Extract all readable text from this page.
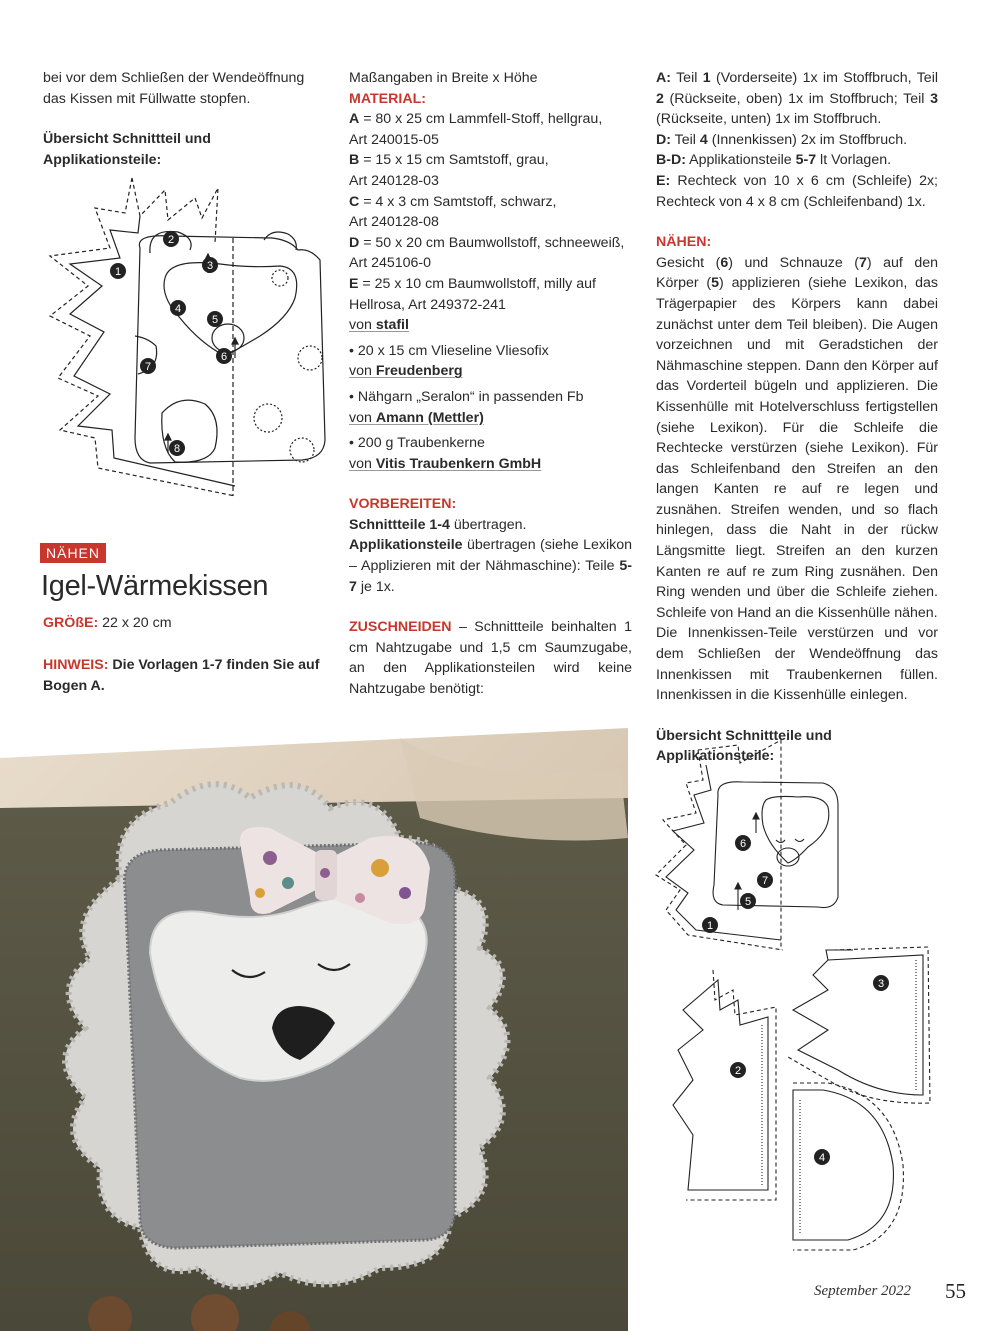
bei vor dem Schließen der Wendeöffnung das Kissen mit Füllwatte stopfen.

Übersicht Schnittteil und Applikationsteile:

1
2
3
4
5
6
7
8
NÄHEN
Igel-Wärmekissen
GRÖßE: 22 x 20 cm
HINWEIS: Die Vorlagen 1-7 finden Sie auf Bogen A.

Maßangaben in Breite x Höhe

MATERIAL:

A = 80 x 25 cm Lammfell-Stoff, hellgrau,
Art 240015-05

B = 15 x 15 cm Samtstoff, grau,
Art 240128-03

C = 4 x 3 cm Samtstoff, schwarz,
Art 240128-08

D = 50 x 20 cm Baumwollstoff, schneeweiß,
Art 245106-0

E = 25 x 10 cm Baumwollstoff, milly auf
Hellrosa, Art 249372-241

von stafil

• 20 x 15 cm Vlieseline Vliesofix

von Freudenberg

• Nähgarn „Seralon“ in passenden Fb

von Amann (Mettler)

• 200 g Traubenkerne

von Vitis Traubenkern GmbH

VORBEREITEN:

Schnittteile 1-4 übertragen.

Applikationsteile übertragen (siehe Lexikon – Applizieren mit der Nähmaschine): Teile 5-7 je 1x.

ZUSCHNEIDEN – Schnittteile beinhalten 1 cm Nahtzugabe und 1,5 cm Saumzugabe, an den Applikationsteilen wird keine Nahtzugabe benötigt:

A: Teil 1 (Vorderseite) 1x im Stoffbruch, Teil 2 (Rückseite, oben) 1x im Stoffbruch; Teil 3 (Rückseite, unten) 1x im Stoffbruch.

D: Teil 4 (Innenkissen) 2x im Stoffbruch.

B-D: Applikationsteile 5-7 lt Vorlagen.

E: Rechteck von 10 x 6 cm (Schleife) 2x; Rechteck von 4 x 8 cm (Schleifenband) 1x.

NÄHEN:

Gesicht (6) und Schnauze (7) auf den Körper (5) applizieren (siehe Lexikon, das Trägerpapier des Körpers kann dabei zunächst unter dem Teil bleiben). Die Augen vorzeichnen und mit Geradstichen der Nähmaschine steppen. Dann den Körper auf das Vorderteil bügeln und applizieren. Die Kissenhülle mit Hotelverschluss fertigstellen (siehe Lexikon). Für die Schleife die Rechtecke verstürzen (siehe Lexikon). Für das Schleifenband den Streifen an den langen Kanten re auf re legen und zusnähen. Streifen wenden, und so flach hinlegen, dass die Naht in der rückw Längsmitte liegt. Streifen an den kurzen Kanten re auf re zum Ring zusnähen. Den Ring wenden und über die Schleife ziehen. Schleife von Hand an die Kissenhülle nähen.

Die Innenkissen-Teile verstürzen und vor dem Schließen der Wendeöffnung das Innenkissen mit Traubenkernen füllen. Innenkissen in die Kissenhülle einlegen.

Übersicht Schnittteile und Applikationsteile:

6
7
5
1
3
2
4
September 2022 55
